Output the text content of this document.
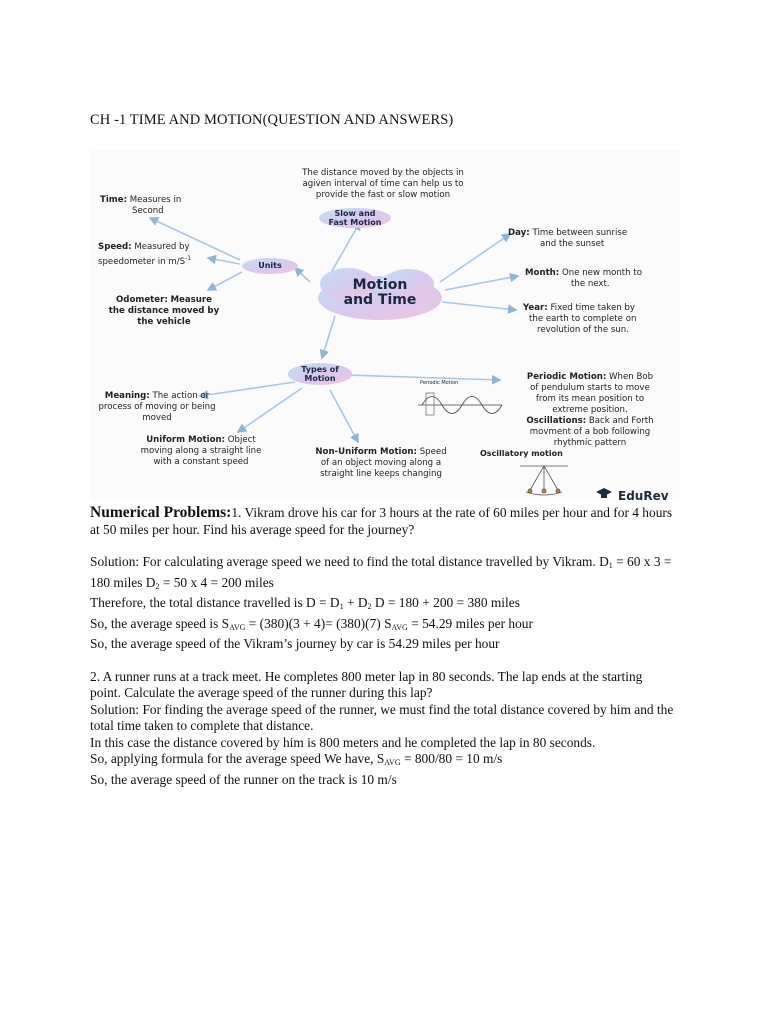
CH -1 TIME AND MOTION(QUESTION AND ANSWERS)
Motion
and Time
The distance moved by the objects in
agiven interval of time can help us to
provide the fast or slow motion
Slow and
Fast Motion
Units
Time: Measures in
Second
Speed: Measured by
speedometer in $m/S^{-1}$
Odometer: Measure
the distance moved by
the vehicle
Day: Time between sunrise
and the sunset
Month: One new month to
the next.
Year: Fixed time taken by
the earth to complete on
revolution of the sun.
Types of
Motion
Meaning: The action or
process of moving or being
moved
Uniform Motion: Object
moving along a straight line
with a constant speed
Non-Uniform Motion: Speed
of an object moving along a
straight line keeps changing
Periodic Motion: When Bob
of pendulum starts to move
from its mean position to
extreme position.
Oscillations: Back and Forth
movment of a bob following
rhythmic pattern
Oscillatory motion
Periodic Motion
EduRev

Numerical Problems:1. Vikram drove his car for 3 hours at the rate of 60 miles per hour and for 4 hours at 50 miles per hour. Find his average speed for the journey?

Solution: For calculating average speed we need to find the total distance travelled by Vikram. $D_1 = 60$ x 3 = 180 miles $D_2 = 50$ x 4 = 200 miles

Therefore, the total distance travelled is $D = D_1 + D_2$ D = 180 + 200 = 380 miles

So, the average speed is $S_{AVG} = (380)(3 + 4)= (380)(7) S_{AVG} = 54.29$ miles per hour

So, the average speed of the Vikram’s journey by car is 54.29 miles per hour

2. A runner runs at a track meet. He completes 800 meter lap in 80 seconds. The lap ends at the starting point. Calculate the average speed of the runner during this lap?

Solution: For finding the average speed of the runner, we must find the total distance covered by him and the total time taken to complete that distance.

In this case the distance covered by him is 800 meters and he completed the lap in 80 seconds.

So, applying formula for the average speed We have, $S_{AVG} = 800/80 = 10$ m/s

So, the average speed of the runner on the track is 10 m/s
